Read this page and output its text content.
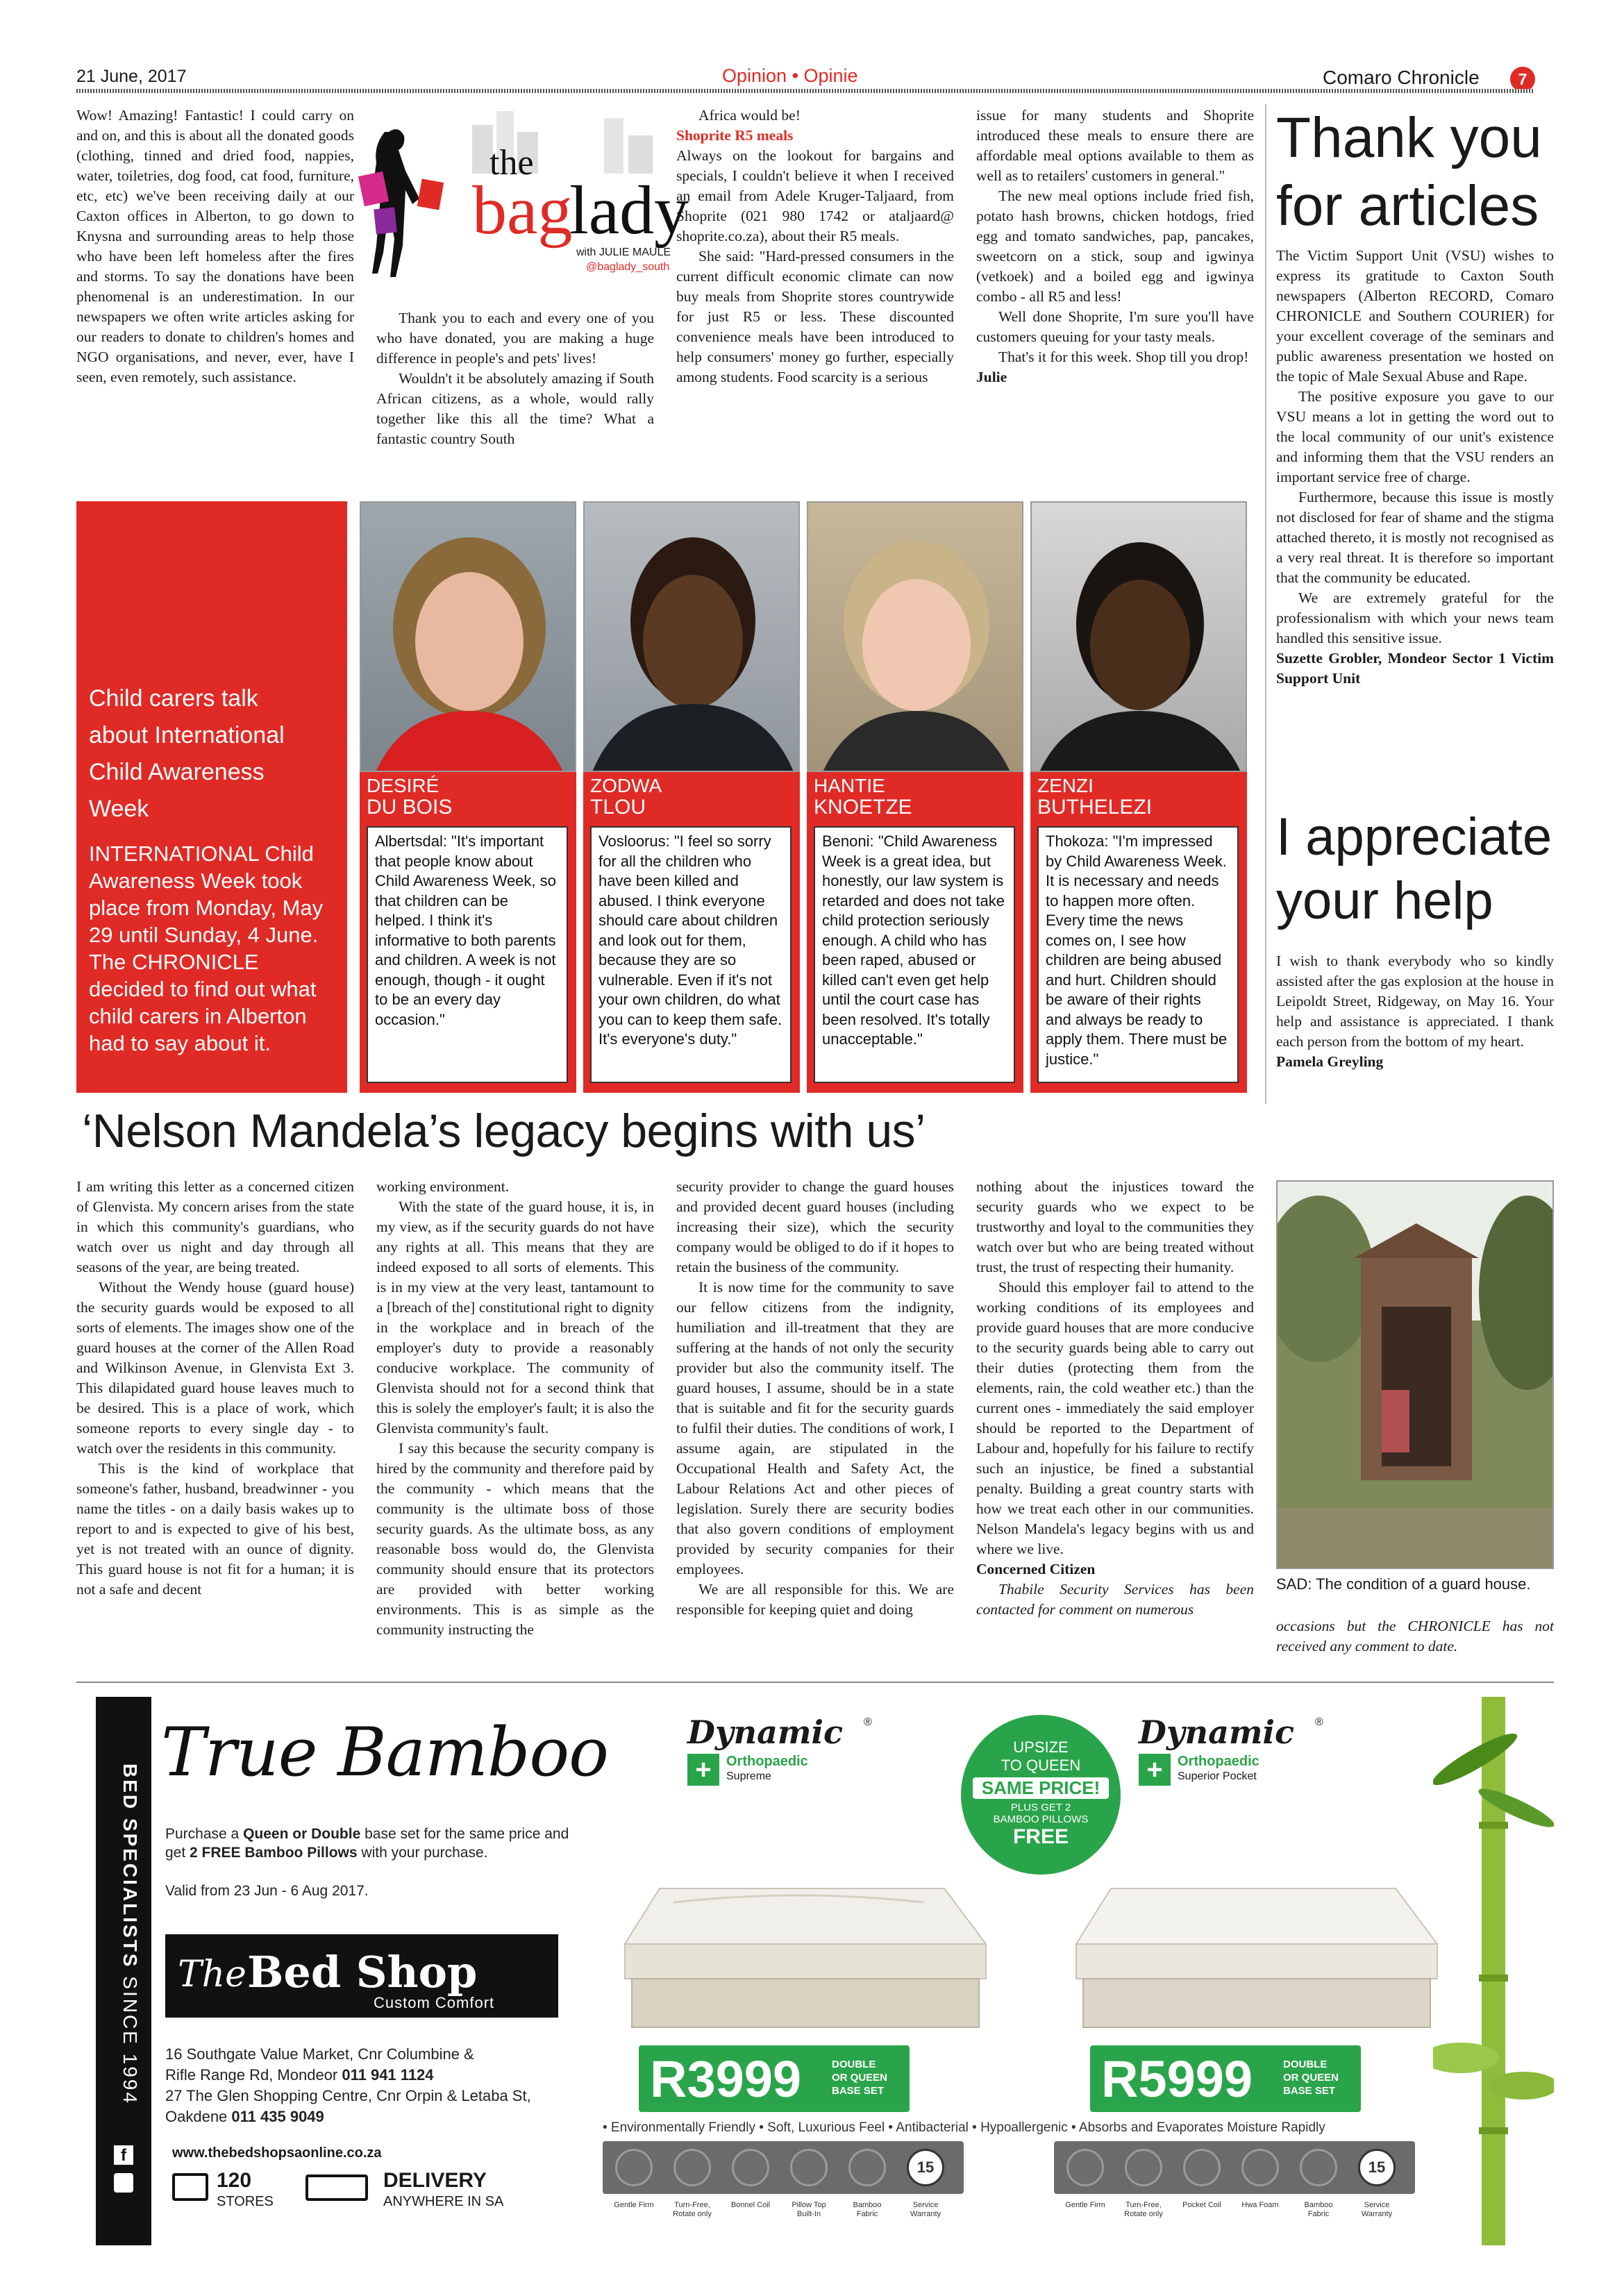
21 June, 2017	Opinion • Opinie	Comaro Chronicle	7

Wow! Amazing! Fantastic! I could carry on and on, and this is about all the donated goods (clothing, tinned and dried food, nappies, water, toiletries, dog food, cat food, furniture, etc, etc) we've been receiving daily at our Caxton offices in Alberton, to go down to Knysna and surrounding areas to help those who have been left homeless after the fires and storms. To say the donations have been phenomenal is an underestimation. In our newspapers we often write articles asking for our readers to donate to children's homes and NGO organisations, and never, ever, have I seen, even remotely, such assistance.

the
bag
lady
with JULIE MAULE
@baglady_south

Thank you to each and every one of you who have donated, you are making a huge difference in people's and pets' lives!

Wouldn't it be absolutely amazing if South African citizens, as a whole, would rally together like this all the time? What a fantastic country South

Africa would be!

Shoprite R5 meals

Always on the lookout for bargains and specials, I couldn't believe it when I received an email from Adele Kruger-Taljaard, from Shoprite (021 980 1742 or ataljaard@ shoprite.co.za), about their R5 meals.

She said: "Hard-pressed consumers in the current difficult economic climate can now buy meals from Shoprite stores countrywide for just R5 or less. These discounted convenience meals have been introduced to help consumers' money go further, especially among students. Food scarcity is a serious

issue for many students and Shoprite introduced these meals to ensure there are affordable meal options available to them as well as to retailers' customers in general."

The new meal options include fried fish, potato hash browns, chicken hotdogs, fried egg and tomato sandwiches, pap, pancakes, sweetcorn on a stick, soup and igwinya (vetkoek) and a boiled egg and igwinya combo - all R5 and less!

Well done Shoprite, I'm sure you'll have customers queuing for your tasty meals.

That's it for this week. Shop till you drop!

Julie

Thank you for articles

The Victim Support Unit (VSU) wishes to express its gratitude to Caxton South newspapers (Alberton RECORD, Comaro CHRONICLE and Southern COURIER) for your excellent coverage of the seminars and public awareness presentation we hosted on the topic of Male Sexual Abuse and Rape.

The positive exposure you gave to our VSU means a lot in getting the word out to the local community of our unit's existence and informing them that the VSU renders an important service free of charge.

Furthermore, because this issue is mostly not disclosed for fear of shame and the stigma attached thereto, it is mostly not recognised as a very real threat. It is therefore so important that the community be educated.

We are extremely grateful for the professionalism with which your news team handled this sensitive issue.

Suzette Grobler, Mondeor Sector 1 Victim Support Unit

I appreciate your help

I wish to thank everybody who so kindly assisted after the gas explosion at the house in Leipoldt Street, Ridgeway, on May 16. Your help and assistance is appreciated. I thank each person from the bottom of my heart.

Pamela Greyling

Child carers talk about International Child Awareness Week
INTERNATIONAL Child Awareness Week took place from Monday, May 29 until Sunday, 4 June. The CHRONICLE decided to find out what child carers in Alberton had to say about it.
DESIRÉ
DU BOIS
ZODWA
TLOU
HANTIE
KNOETZE
ZENZI
BUTHELEZI
Albertsdal: "It's important that people know about Child Awareness Week, so that children can be helped. I think it's informative to both parents and children. A week is not enough, though - it ought to be an every day occasion."
Vosloorus: "I feel so sorry for all the children who have been killed and abused. I think everyone should care about children and look out for them, because they are so vulnerable. Even if it's not your own children, do what you can to keep them safe. It's everyone's duty."
Benoni: "Child Awareness Week is a great idea, but honestly, our law system is retarded and does not take child protection seriously enough. A child who has been raped, abused or killed can't even get help until the court case has been resolved. It's totally unacceptable."
Thokoza: "I'm impressed by Child Awareness Week. It is necessary and needs to happen more often. Every time the news comes on, I see how children are being abused and hurt. Children should be aware of their rights and always be ready to apply them. There must be justice."
‘Nelson Mandela’s legacy begins with us’

I am writing this letter as a concerned citizen of Glenvista. My concern arises from the state in which this community's guardians, who watch over us night and day through all seasons of the year, are being treated.

Without the Wendy house (guard house) the security guards would be exposed to all sorts of elements. The images show one of the guard houses at the corner of the Allen Road and Wilkinson Avenue, in Glenvista Ext 3. This dilapidated guard house leaves much to be desired. This is a place of work, which someone reports to every single day - to watch over the residents in this community.

This is the kind of workplace that someone's father, husband, breadwinner - you name the titles - on a daily basis wakes up to report to and is expected to give of his best, yet is not treated with an ounce of dignity. This guard house is not fit for a human; it is not a safe and decent

working environment.

With the state of the guard house, it is, in my view, as if the security guards do not have any rights at all. This means that they are indeed exposed to all sorts of elements. This is in my view at the very least, tantamount to a [breach of the] constitutional right to dignity in the workplace and in breach of the employer's duty to provide a reasonably conducive workplace. The community of Glenvista should not for a second think that this is solely the employer's fault; it is also the Glenvista community's fault.

I say this because the security company is hired by the community and therefore paid by the community - which means that the community is the ultimate boss of those security guards. As the ultimate boss, as any reasonable boss would do, the Glenvista community should ensure that its protectors are provided with better working environments. This is as simple as the community instructing the

security provider to change the guard houses and provided decent guard houses (including increasing their size), which the security company would be obliged to do if it hopes to retain the business of the community.

It is now time for the community to save our fellow citizens from the indignity, humiliation and ill-treatment that they are suffering at the hands of not only the security provider but also the community itself. The guard houses, I assume, should be in a state that is suitable and fit for the security guards to fulfil their duties. The conditions of work, I assume again, are stipulated in the Occupational Health and Safety Act, the Labour Relations Act and other pieces of legislation. Surely there are security bodies that also govern conditions of employment provided by security companies for their employees.

We are all responsible for this. We are responsible for keeping quiet and doing

nothing about the injustices toward the security guards who we expect to be trustworthy and loyal to the communities they watch over but who are being treated without trust, the trust of respecting their humanity.

Should this employer fail to attend to the working conditions of its employees and provide guard houses that are more conducive to the security guards being able to carry out their duties (protecting them from the elements, rain, the cold weather etc.) than the current ones - immediately the said employer should be reported to the Department of Labour and, hopefully for his failure to rectify such an injustice, be fined a substantial penalty. Building a great country starts with how we treat each other in our communities. Nelson Mandela's legacy begins with us and where we live.

Concerned Citizen

Thabile Security Services has been contacted for comment on numerous

SAD: The condition of a guard house.

occasions but the CHRONICLE has not received any comment to date.

BED SPECIALISTS SINCE 1994
f
True Bamboo
Purchase a Queen or Double base set for the same price and get 2 FREE Bamboo Pillows with your purchase.
Valid from 23 Jun - 6 Aug 2017.
The Bed Shop
Custom Comfort
16 Southgate Value Market, Cnr Columbine &
Rifle Range Rd, Mondeor 011 941 1124
27 The Glen Shopping Centre, Cnr Orpin & Letaba St,
Oakdene 011 435 9049
www.thebedshopsaonline.co.za
120
STORES
DELIVERY
ANYWHERE IN SA
Dynamic	®
+	Orthopaedic
Supreme
Dynamic	®
+	Orthopaedic
Superior Pocket
UPSIZE
TO QUEEN
SAME PRICE!
PLUS GET 2
BAMBOO PILLOWS
FREE
R3999	DOUBLE
OR QUEEN
BASE SET	R5999	DOUBLE
OR QUEEN
BASE SET
• Environmentally Friendly • Soft, Luxurious Feel • Antibacterial • Hypoallergenic • Absorbs and Evaporates Moisture Rapidly
15	15
Gentle Firm	Turn-Free, Rotate only
Bonnel Coil	Pillow Top Built-In
Bamboo Fabric
Service Warranty
Gentle Firm	Turn-Free, Rotate only
Pocket Coil	Hwa Foam	Bamboo Fabric
Service Warranty
